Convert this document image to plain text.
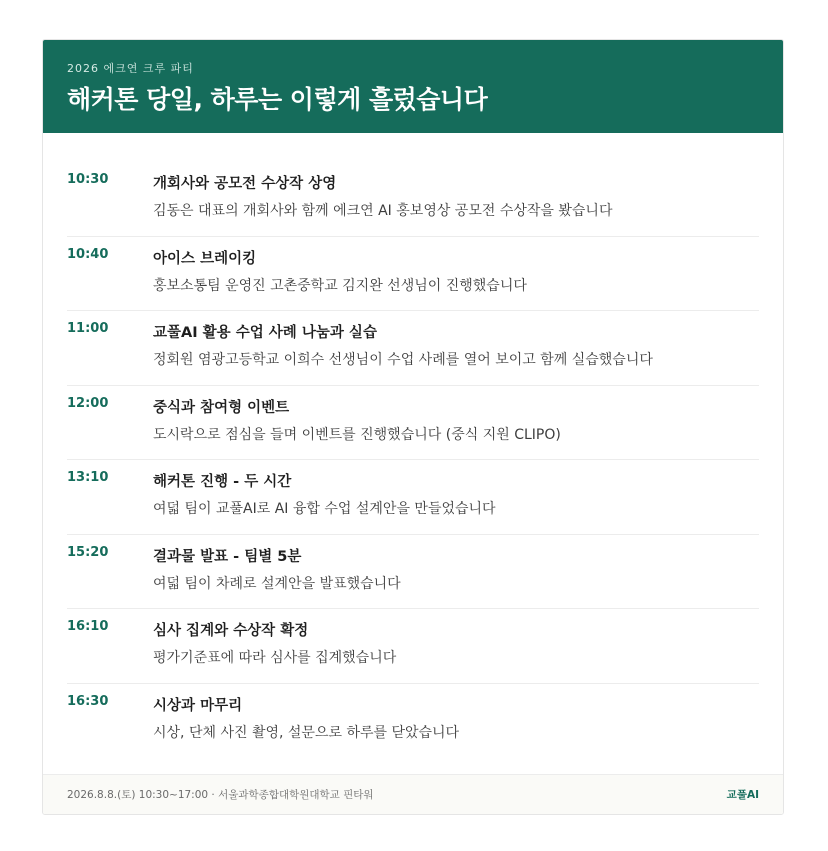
2026 에크연 크루 파티
해커톤 당일, 하루는 이렇게 흘렀습니다
10:30	개회사와 공모전 수상작 상영
김동은 대표의 개회사와 함께 에크연 AI 홍보영상 공모전 수상작을 봤습니다
10:40	아이스 브레이킹
홍보소통팀 운영진 고촌중학교 김지완 선생님이 진행했습니다
11:00	교풀AI 활용 수업 사례 나눔과 실습
정회원 염광고등학교 이희수 선생님이 수업 사례를 열어 보이고 함께 실습했습니다
12:00	중식과 참여형 이벤트
도시락으로 점심을 들며 이벤트를 진행했습니다 (중식 지원 CLIPO)
13:10	해커톤 진행 - 두 시간
여덟 팀이 교풀AI로 AI 융합 수업 설계안을 만들었습니다
15:20	결과물 발표 - 팀별 5분
여덟 팀이 차례로 설계안을 발표했습니다
16:10	심사 집계와 수상작 확정
평가기준표에 따라 심사를 집계했습니다
16:30	시상과 마무리
시상, 단체 사진 촬영, 설문으로 하루를 닫았습니다
2026.8.8.(토) 10:30~17:00 · 서울과학종합대학원대학교 핀타워	교풀AI
